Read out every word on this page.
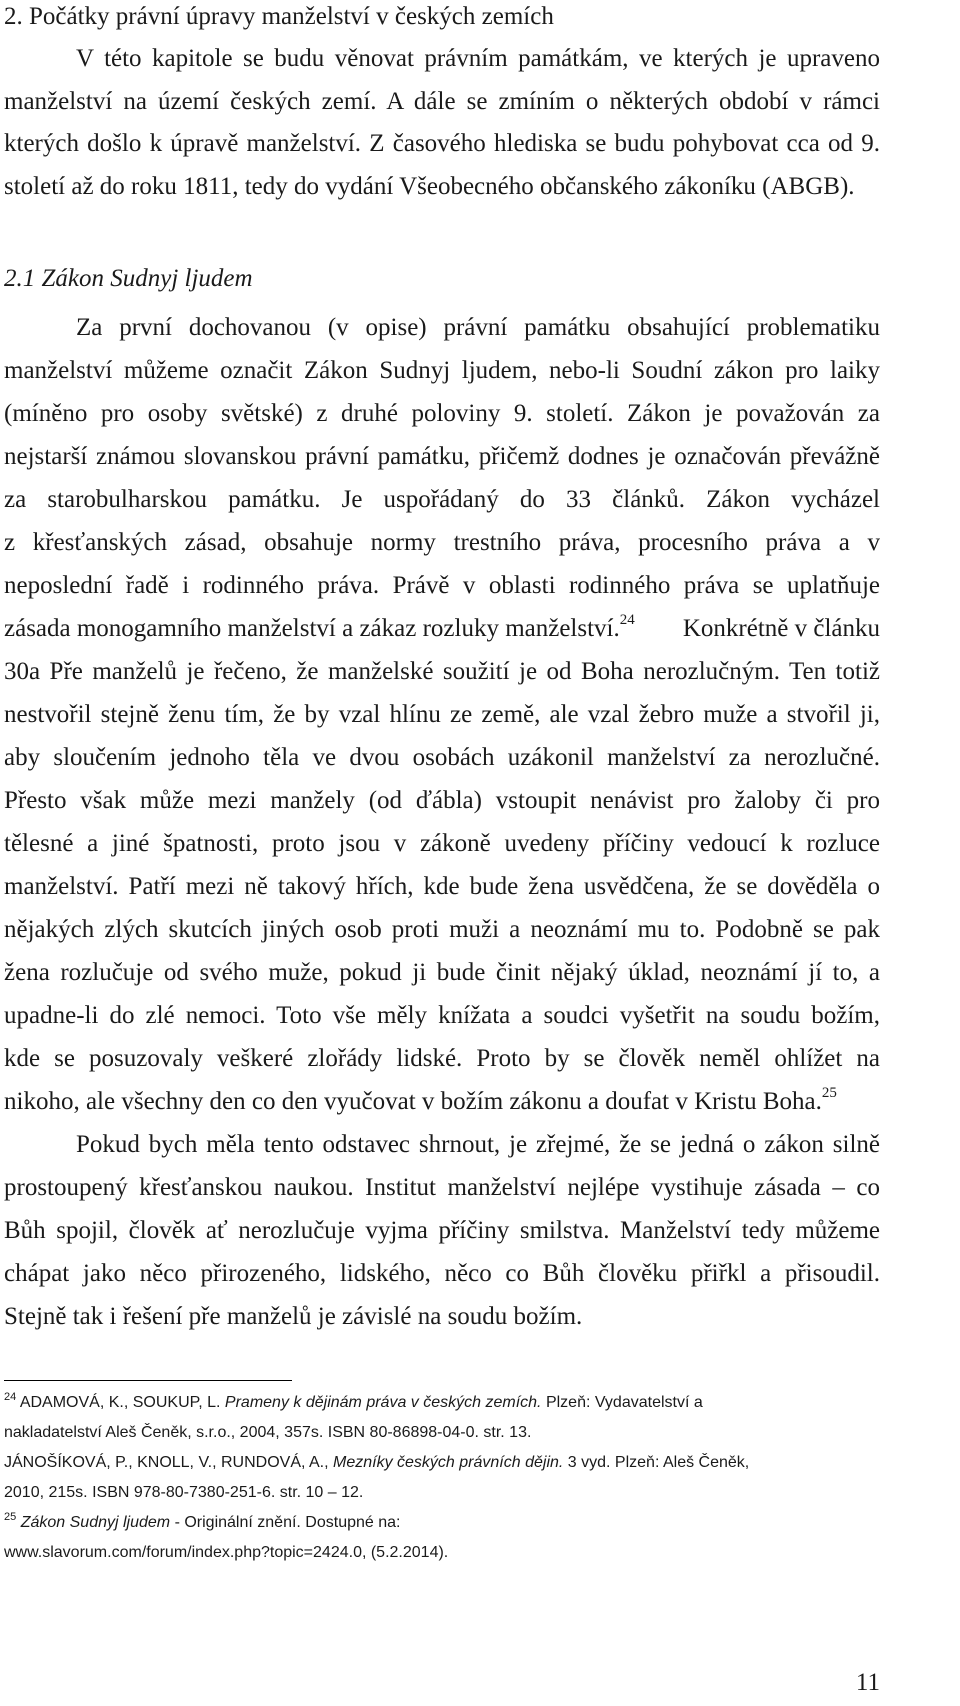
2. Počátky právní úpravy manželství v českých zemích
V této kapitole se budu věnovat právním památkám, ve kterých je upraveno
manželství na území českých zemí. A dále se zmíním o některých období v rámci
kterých došlo k úpravě manželství. Z časového hlediska se budu pohybovat cca od 9.
století až do roku 1811, tedy do vydání Všeobecného občanského zákoníku (ABGB).
2.1 Zákon Sudnyj ljudem
Za první dochovanou (v opise) právní památku obsahující problematiku
manželství můžeme označit Zákon Sudnyj ljudem, nebo-li Soudní zákon pro laiky
(míněno pro osoby světské) z druhé poloviny 9. století. Zákon je považován za
nejstarší známou slovanskou právní památku, přičemž dodnes je označován převážně
za starobulharskou památku. Je uspořádaný do 33 článků. Zákon vycházel
z křesťanských zásad, obsahuje normy trestního práva, procesního práva a v
neposlední řadě i rodinného práva. Právě v oblasti rodinného práva se uplatňuje
zásada monogamního manželství a zákaz rozluky manželství.$^{24}$ Konkrétně v článku
30a Pře manželů je řečeno, že manželské soužití je od Boha nerozlučným. Ten totiž
nestvořil stejně ženu tím, že by vzal hlínu ze země, ale vzal žebro muže a stvořil ji,
aby sloučením jednoho těla ve dvou osobách uzákonil manželství za nerozlučné.
Přesto však může mezi manžely (od ďábla) vstoupit nenávist pro žaloby či pro
tělesné a jiné špatnosti, proto jsou v zákoně uvedeny příčiny vedoucí k rozluce
manželství. Patří mezi ně takový hřích, kde bude žena usvědčena, že se dověděla o
nějakých zlých skutcích jiných osob proti muži a neoznámí mu to. Podobně se pak
žena rozlučuje od svého muže, pokud ji bude činit nějaký úklad, neoznámí jí to, a
upadne-li do zlé nemoci. Toto vše měly knížata a soudci vyšetřit na soudu božím,
kde se posuzovaly veškeré zlořády lidské. Proto by se člověk neměl ohlížet na
nikoho, ale všechny den co den vyučovat v božím zákonu a doufat v Kristu Boha.$^{25}$
Pokud bych měla tento odstavec shrnout, je zřejmé, že se jedná o zákon silně
prostoupený křesťanskou naukou. Institut manželství nejlépe vystihuje zásada – co
Bůh spojil, člověk ať nerozlučuje vyjma příčiny smilstva. Manželství tedy můžeme
chápat jako něco přirozeného, lidského, něco co Bůh člověku přiřkl a přisoudil.
Stejně tak i řešení pře manželů je závislé na soudu božím.
$^{24}$ ADAMOVÁ, K., SOUKUP, L. Prameny k dějinám práva v českých zemích. Plzeň: Vydavatelství a
nakladatelství Aleš Čeněk, s.r.o., 2004, 357s. ISBN 80-86898-04-0. str. 13.
JÁNOŠÍKOVÁ, P., KNOLL, V., RUNDOVÁ, A., Mezníky českých právních dějin. 3 vyd. Plzeň: Aleš Čeněk,
2010, 215s. ISBN 978-80-7380-251-6. str. 10 – 12.
$^{25}$ Zákon Sudnyj ljudem - Originální znění. Dostupné na:
www.slavorum.com/forum/index.php?topic=2424.0, (5.2.2014).
11
